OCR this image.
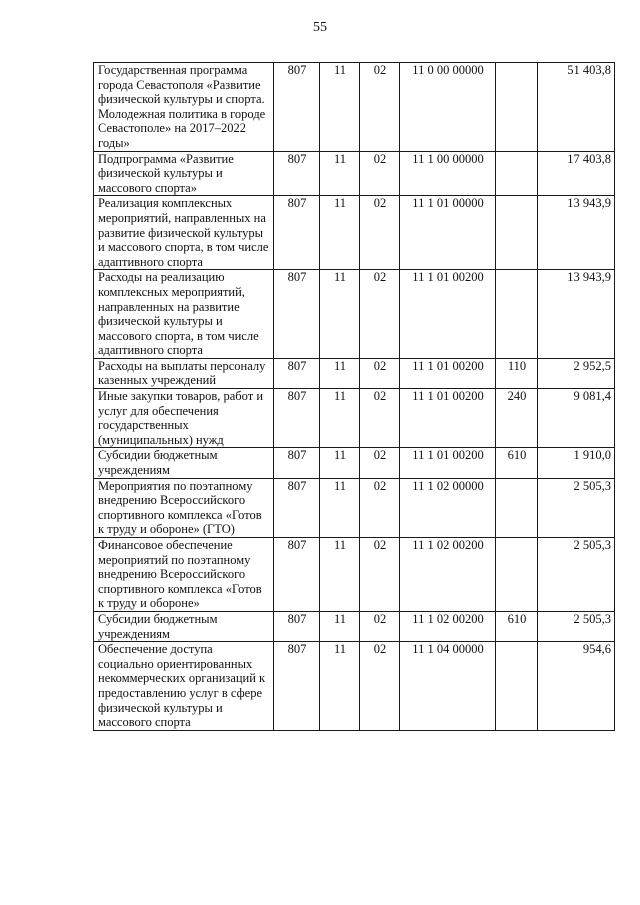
55
Государственная программа города Севастополя «Развитие физической культуры и спорта. Молодежная политика в городе Севастополе» на 2017–2022 годы»	807	11	02	11 0 00 00000		51 403,8
Подпрограмма «Развитие физической культуры и массового спорта»	807	11	02	11 1 00 00000		17 403,8
Реализация комплексных мероприятий, направленных на развитие физической культуры и массового спорта, в том числе адаптивного спорта	807	11	02	11 1 01 00000		13 943,9
Расходы на реализацию комплексных мероприятий, направленных на развитие физической культуры и массового спорта, в том числе адаптивного спорта	807	11	02	11 1 01 00200		13 943,9
Расходы на выплаты персоналу казенных учреждений	807	11	02	11 1 01 00200	110	2 952,5
Иные закупки товаров, работ и услуг для обеспечения государственных (муниципальных) нужд	807	11	02	11 1 01 00200	240	9 081,4
Субсидии бюджетным учреждениям	807	11	02	11 1 01 00200	610	1 910,0
Мероприятия по поэтапному внедрению Всероссийского спортивного комплекса «Готов к труду и обороне» (ГТО)	807	11	02	11 1 02 00000		2 505,3
Финансовое обеспечение мероприятий по поэтапному внедрению Всероссийского спортивного комплекса «Готов к труду и обороне»	807	11	02	11 1 02 00200		2 505,3
Субсидии бюджетным учреждениям	807	11	02	11 1 02 00200	610	2 505,3
Обеспечение доступа социально ориентированных некоммерческих организаций к предоставлению услуг в сфере физической культуры и массового спорта	807	11	02	11 1 04 00000		954,6
